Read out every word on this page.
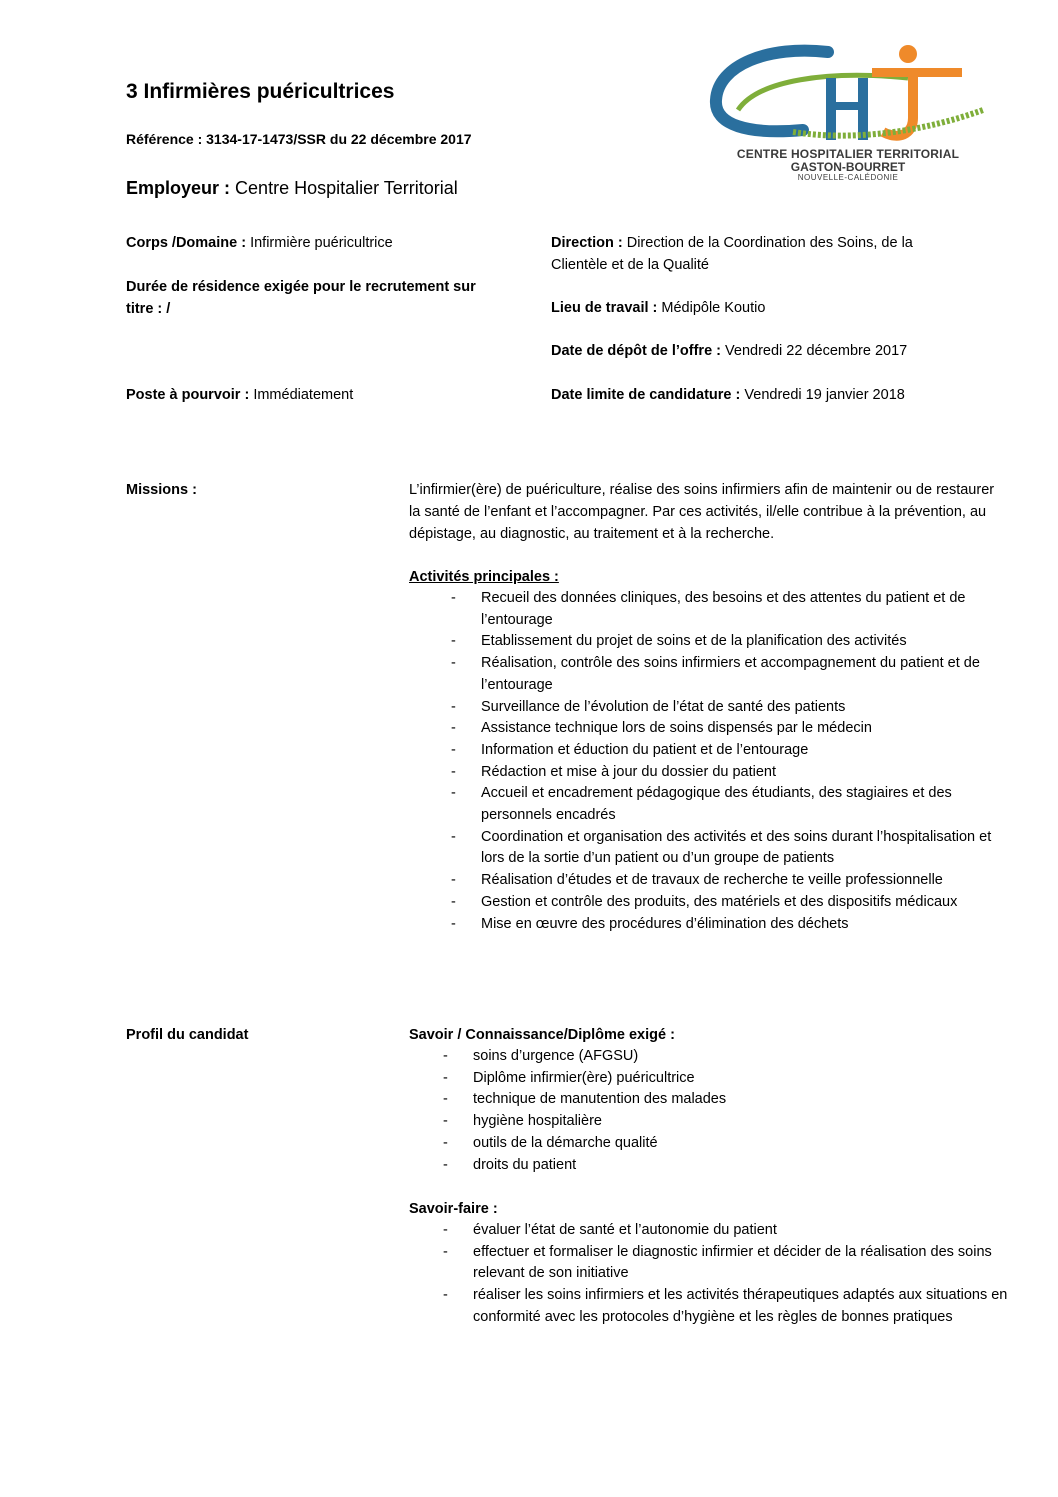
3 Infirmières puéricultrices
Référence : 3134-17-1473/SSR du 22 décembre 2017
Employeur : Centre Hospitalier Territorial
CENTRE HOSPITALIER TERRITORIAL
GASTON-BOURRET
NOUVELLE-CALÉDONIE
Corps /Domaine : Infirmière puéricultrice
Durée de résidence exigée pour le recrutement sur titre : /
Poste à pourvoir : Immédiatement
Direction : Direction de la Coordination des Soins, de la Clientèle et de la Qualité
Lieu de travail : Médipôle Koutio
Date de dépôt de l’offre : Vendredi 22 décembre 2017
Date limite de candidature : Vendredi 19 janvier 2018
Missions :	L’infirmier(ère) de puériculture, réalise des soins infirmiers afin de maintenir ou de restaurer la santé de l’enfant et l’accompagner. Par ces activités, il/elle contribue à la prévention, au dépistage, au diagnostic, au traitement et à la recherche.
Activités principales :
- Recueil des données cliniques, des besoins et des attentes du patient et de l’entourage
- Etablissement du projet de soins et de la planification des activités
- Réalisation, contrôle des soins infirmiers et accompagnement du patient et de l’entourage
- Surveillance de l’évolution de l’état de santé des patients
- Assistance technique lors de soins dispensés par le médecin
- Information et éduction du patient et de l’entourage
- Rédaction et mise à jour du dossier du patient
- Accueil et encadrement pédagogique des étudiants, des stagiaires et des personnels encadrés
- Coordination et organisation des activités et des soins durant l’hospitalisation et lors de la sortie d’un patient ou d’un groupe de patients
- Réalisation d’études et de travaux de recherche te veille professionnelle
- Gestion et contrôle des produits, des matériels et des dispositifs médicaux
- Mise en œuvre des procédures d’élimination des déchets
Profil du candidat	Savoir / Connaissance/Diplôme exigé :
- soins d’urgence (AFGSU)
- Diplôme infirmier(ère) puéricultrice
- technique de manutention des malades
- hygiène hospitalière
- outils de la démarche qualité
- droits du patient
Savoir-faire :
- évaluer l’état de santé et l’autonomie du patient
- effectuer et formaliser le diagnostic infirmier et décider de la réalisation des soins relevant de son initiative
- réaliser les soins infirmiers et les activités thérapeutiques adaptés aux situations en conformité avec les protocoles d’hygiène et les règles de bonnes pratiques
